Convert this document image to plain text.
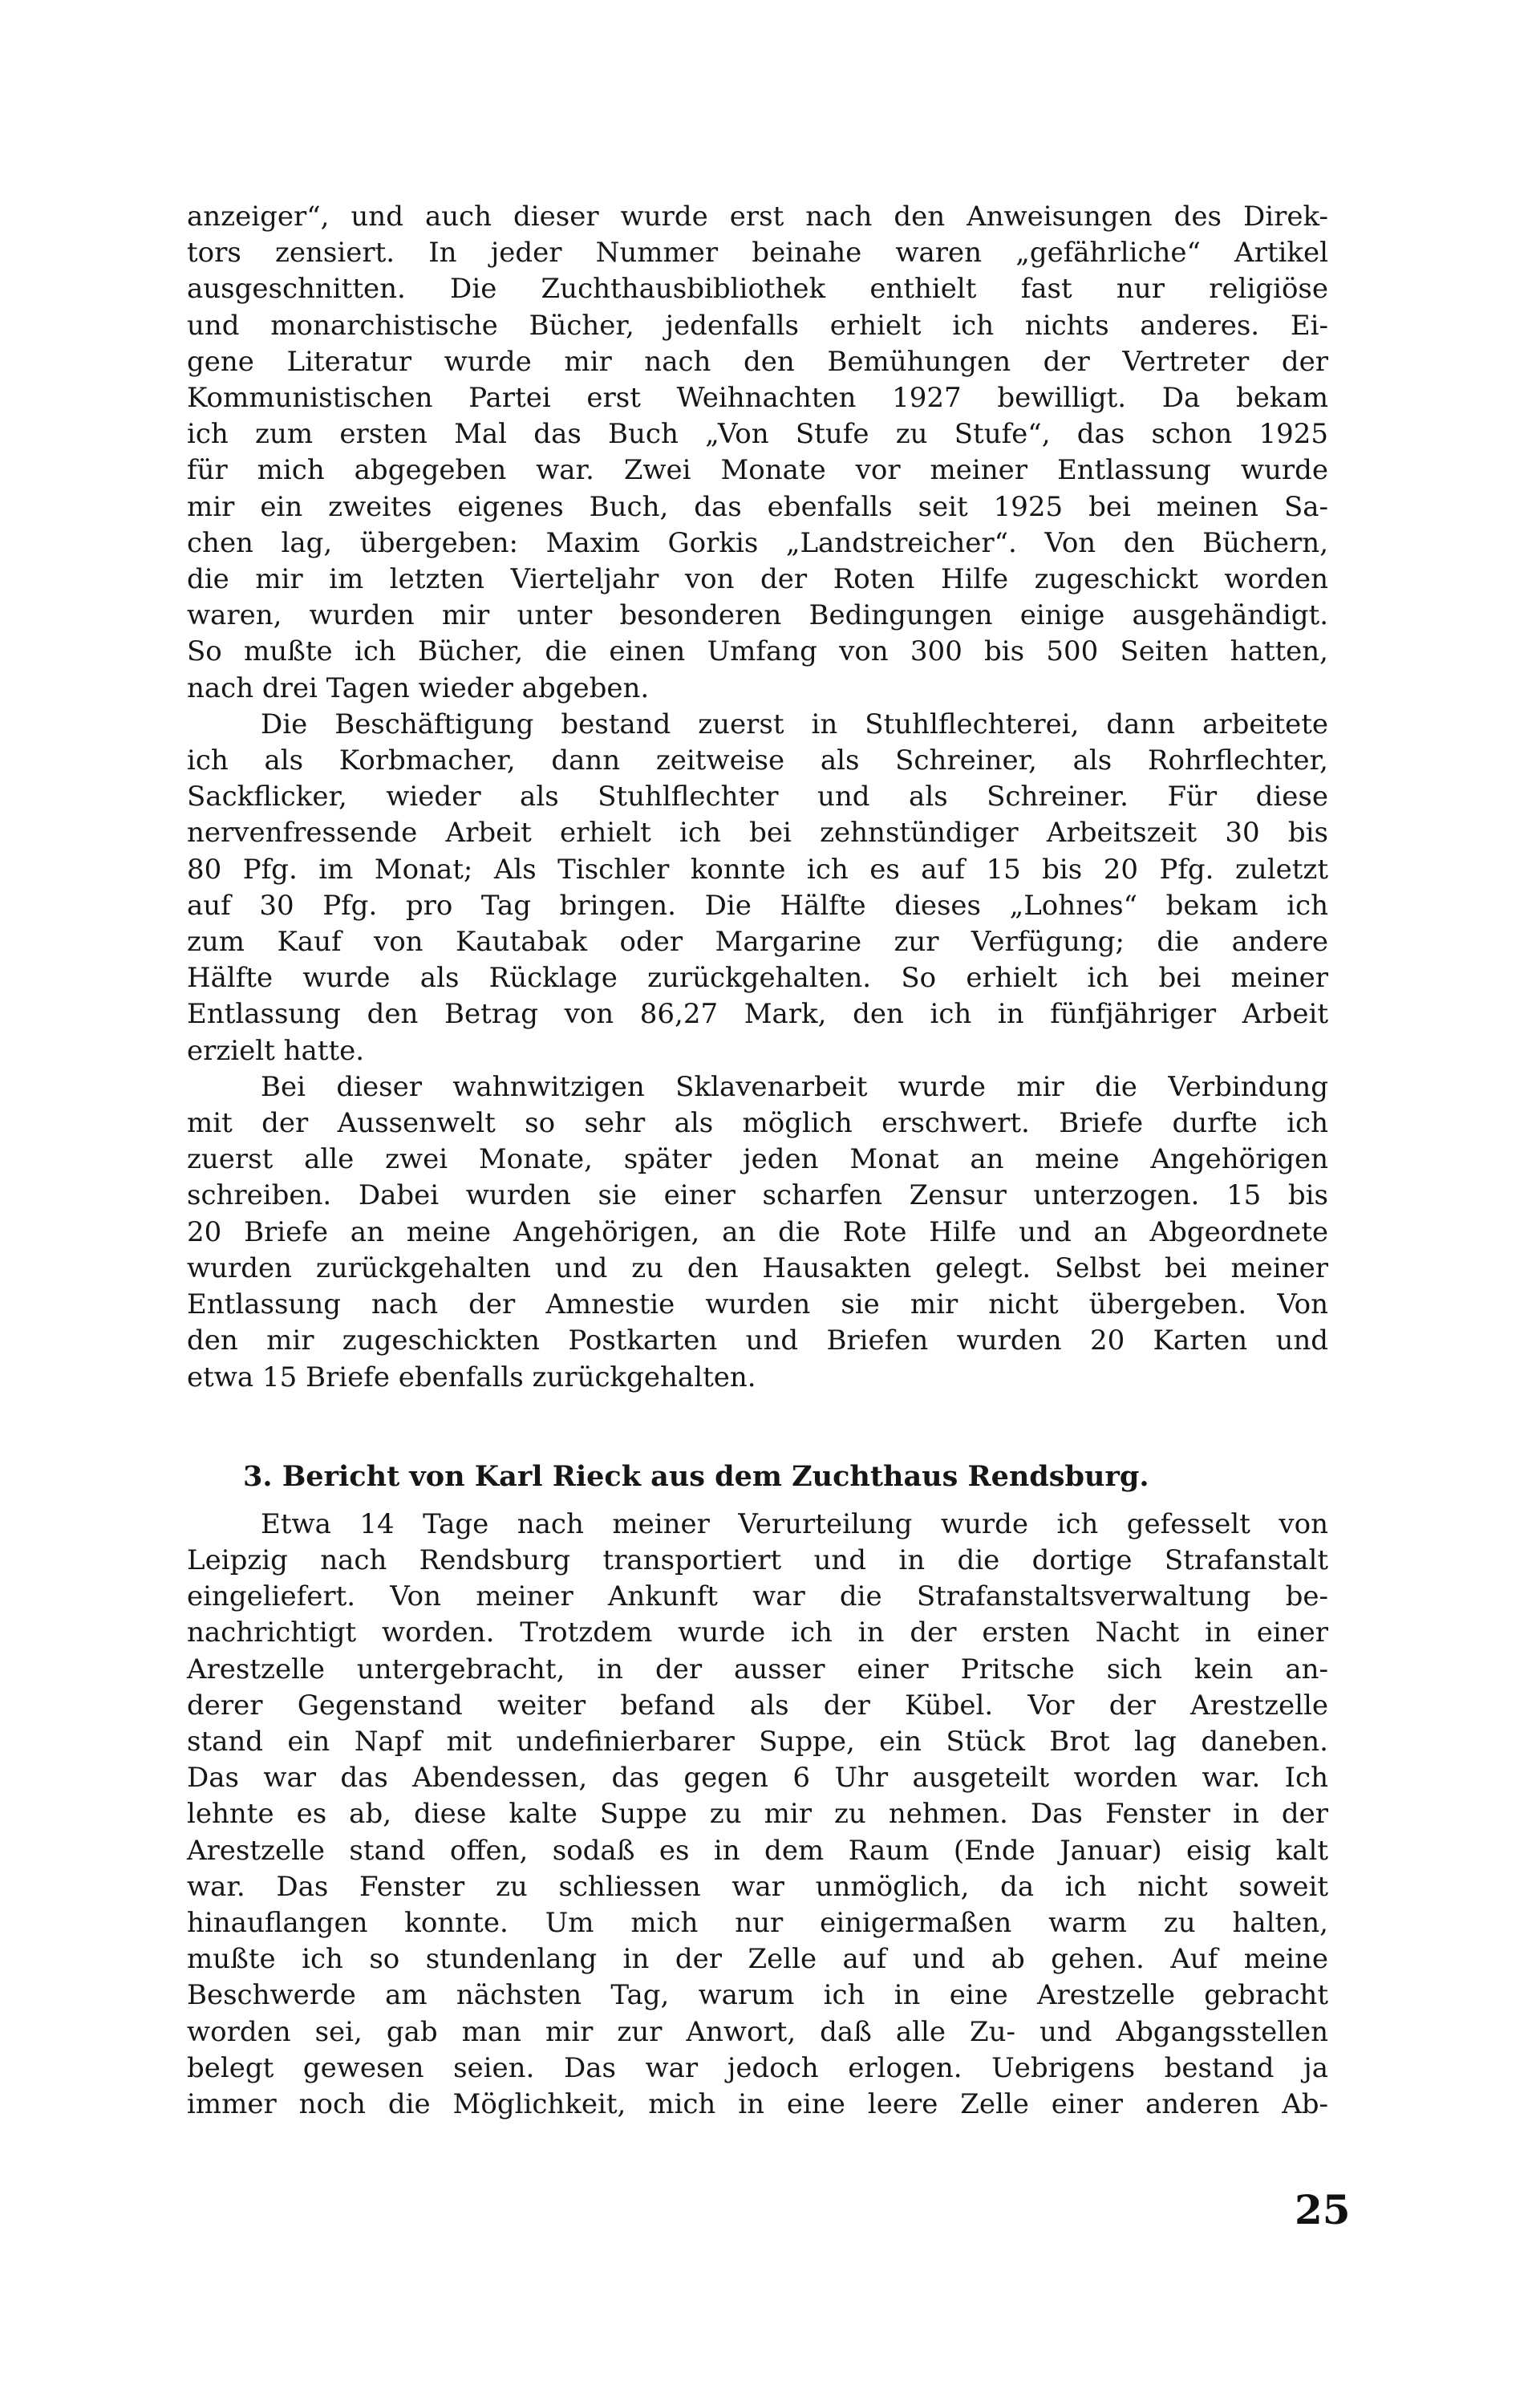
anzeiger“, und auch dieser wurde erst nach den Anweisungen des Direk-
tors zensiert. In jeder Nummer beinahe waren „gefährliche“ Artikel
ausgeschnitten. Die Zuchthausbibliothek enthielt fast nur religiöse
und monarchistische Bücher, jedenfalls erhielt ich nichts anderes. Ei-
gene Literatur wurde mir nach den Bemühungen der Vertreter der
Kommunistischen Partei erst Weihnachten 1927 bewilligt. Da bekam
ich zum ersten Mal das Buch „Von Stufe zu Stufe“, das schon 1925
für mich abgegeben war. Zwei Monate vor meiner Entlassung wurde
mir ein zweites eigenes Buch, das ebenfalls seit 1925 bei meinen Sa-
chen lag, übergeben: Maxim Gorkis „Landstreicher“. Von den Büchern,
die mir im letzten Vierteljahr von der Roten Hilfe zugeschickt worden
waren, wurden mir unter besonderen Bedingungen einige ausgehändigt.
So mußte ich Bücher, die einen Umfang von 300 bis 500 Seiten hatten,
nach drei Tagen wieder abgeben.

Die Beschäftigung bestand zuerst in Stuhlflechterei, dann arbeitete
ich als Korbmacher, dann zeitweise als Schreiner, als Rohrflechter,
Sackflicker, wieder als Stuhlflechter und als Schreiner. Für diese
nervenfressende Arbeit erhielt ich bei zehnstündiger Arbeitszeit 30 bis
80 Pfg. im Monat; Als Tischler konnte ich es auf 15 bis 20 Pfg. zuletzt
auf 30 Pfg. pro Tag bringen. Die Hälfte dieses „Lohnes“ bekam ich
zum Kauf von Kautabak oder Margarine zur Verfügung; die andere
Hälfte wurde als Rücklage zurückgehalten. So erhielt ich bei meiner
Entlassung den Betrag von 86,27 Mark, den ich in fünfjähriger Arbeit
erzielt hatte.

Bei dieser wahnwitzigen Sklavenarbeit wurde mir die Verbindung
mit der Aussenwelt so sehr als möglich erschwert. Briefe durfte ich
zuerst alle zwei Monate, später jeden Monat an meine Angehörigen
schreiben. Dabei wurden sie einer scharfen Zensur unterzogen. 15 bis
20 Briefe an meine Angehörigen, an die Rote Hilfe und an Abgeordnete
wurden zurückgehalten und zu den Hausakten gelegt. Selbst bei meiner
Entlassung nach der Amnestie wurden sie mir nicht übergeben. Von
den mir zugeschickten Postkarten und Briefen wurden 20 Karten und
etwa 15 Briefe ebenfalls zurückgehalten.

3. Bericht von Karl Rieck aus dem Zuchthaus Rendsburg.

Etwa 14 Tage nach meiner Verurteilung wurde ich gefesselt von
Leipzig nach Rendsburg transportiert und in die dortige Strafanstalt
eingeliefert. Von meiner Ankunft war die Strafanstaltsverwaltung be-
nachrichtigt worden. Trotzdem wurde ich in der ersten Nacht in einer
Arestzelle untergebracht, in der ausser einer Pritsche sich kein an-
derer Gegenstand weiter befand als der Kübel. Vor der Arestzelle
stand ein Napf mit undefinierbarer Suppe, ein Stück Brot lag daneben.
Das war das Abendessen, das gegen 6 Uhr ausgeteilt worden war. Ich
lehnte es ab, diese kalte Suppe zu mir zu nehmen. Das Fenster in der
Arestzelle stand offen, sodaß es in dem Raum (Ende Januar) eisig kalt
war. Das Fenster zu schliessen war unmöglich, da ich nicht soweit
hinauflangen konnte. Um mich nur einigermaßen warm zu halten,
mußte ich so stundenlang in der Zelle auf und ab gehen. Auf meine
Beschwerde am nächsten Tag, warum ich in eine Arestzelle gebracht
worden sei, gab man mir zur Anwort, daß alle Zu- und Abgangsstellen
belegt gewesen seien. Das war jedoch erlogen. Uebrigens bestand ja
immer noch die Möglichkeit, mich in eine leere Zelle einer anderen Ab-

25
